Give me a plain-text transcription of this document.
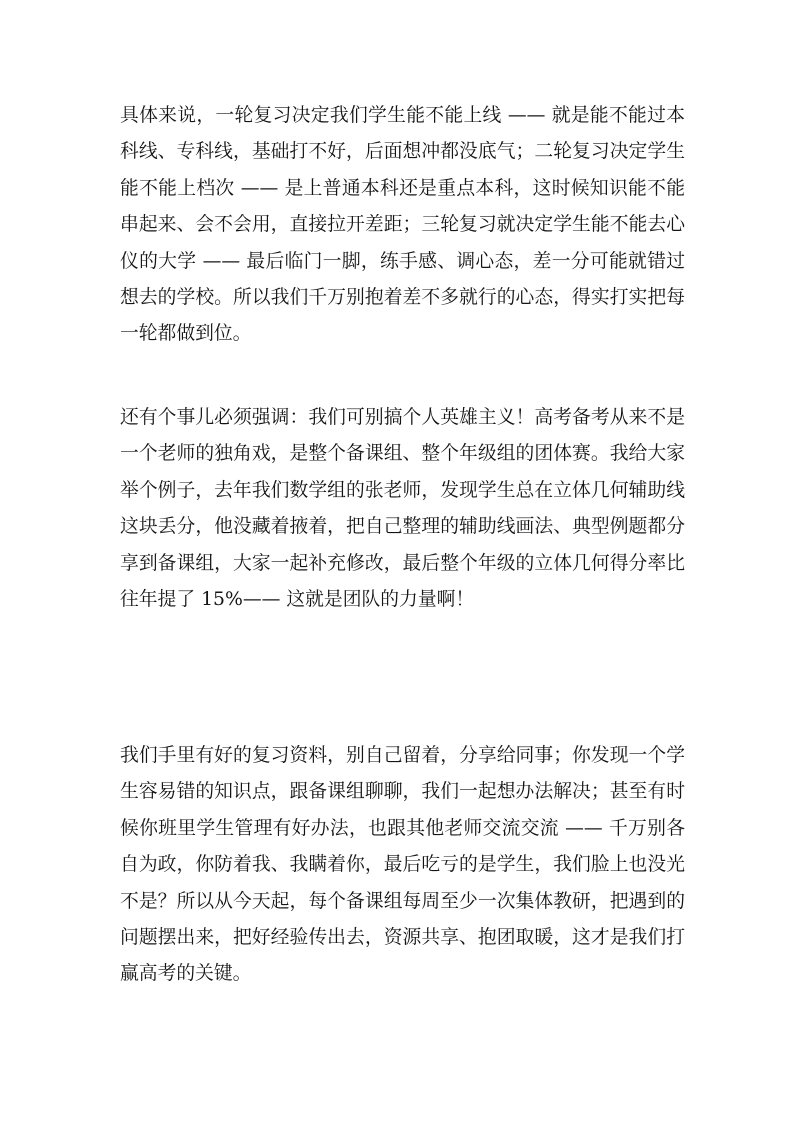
具体来说，一轮复习决定我们学生能不能上线 —— 就是能不能过本
科线、专科线，基础打不好，后面想冲都没底气；二轮复习决定学生
能不能上档次 —— 是上普通本科还是重点本科，这时候知识能不能
串起来、会不会用，直接拉开差距；三轮复习就决定学生能不能去心
仪的大学 —— 最后临门一脚，练手感、调心态，差一分可能就错过
想去的学校。所以我们千万别抱着差不多就行的心态，得实打实把每
一轮都做到位。
还有个事儿必须强调：我们可别搞个人英雄主义！高考备考从来不是
一个老师的独角戏，是整个备课组、整个年级组的团体赛。我给大家
举个例子，去年我们数学组的张老师，发现学生总在立体几何辅助线
这块丢分，他没藏着掖着，把自己整理的辅助线画法、典型例题都分
享到备课组，大家一起补充修改，最后整个年级的立体几何得分率比
往年提了 15%—— 这就是团队的力量啊！
我们手里有好的复习资料，别自己留着，分享给同事；你发现一个学
生容易错的知识点，跟备课组聊聊，我们一起想办法解决；甚至有时
候你班里学生管理有好办法，也跟其他老师交流交流 —— 千万别各
自为政，你防着我、我瞒着你，最后吃亏的是学生，我们脸上也没光
不是？所以从今天起，每个备课组每周至少一次集体教研，把遇到的
问题摆出来，把好经验传出去，资源共享、抱团取暖，这才是我们打
赢高考的关键。
